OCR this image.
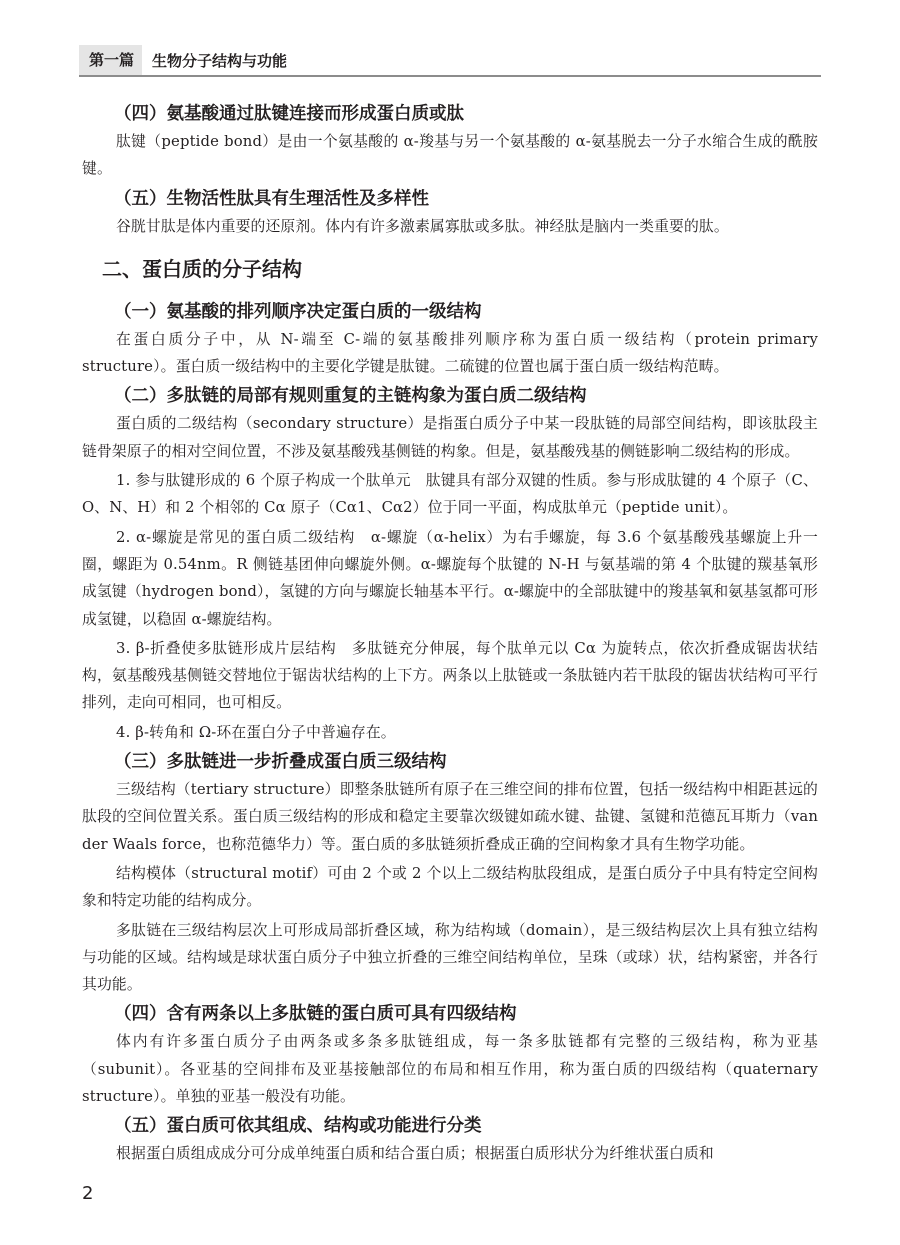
第一篇	生物分子结构与功能
（四）氨基酸通过肽键连接而形成蛋白质或肽
肽键（peptide bond）是由一个氨基酸的 α-羧基与另一个氨基酸的 α-氨基脱去一分子水缩合生成的酰胺键。
（五）生物活性肽具有生理活性及多样性
谷胱甘肽是体内重要的还原剂。体内有许多激素属寡肽或多肽。神经肽是脑内一类重要的肽。
二、蛋白质的分子结构
（一）氨基酸的排列顺序决定蛋白质的一级结构
在蛋白质分子中，从 N-端至 C-端的氨基酸排列顺序称为蛋白质一级结构（protein primary structure）。蛋白质一级结构中的主要化学键是肽键。二硫键的位置也属于蛋白质一级结构范畴。
（二）多肽链的局部有规则重复的主链构象为蛋白质二级结构
蛋白质的二级结构（secondary structure）是指蛋白质分子中某一段肽链的局部空间结构，即该肽段主链骨架原子的相对空间位置，不涉及氨基酸残基侧链的构象。但是，氨基酸残基的侧链影响二级结构的形成。
1. 参与肽键形成的 6 个原子构成一个肽单元　肽键具有部分双键的性质。参与形成肽键的 4 个原子（C、O、N、H）和 2 个相邻的 Cα 原子（Cα1、Cα2）位于同一平面，构成肽单元（peptide unit）。
2. α-螺旋是常见的蛋白质二级结构　α-螺旋（α-helix）为右手螺旋，每 3.6 个氨基酸残基螺旋上升一圈，螺距为 0.54nm。R 侧链基团伸向螺旋外侧。α-螺旋每个肽键的 N-H 与氨基端的第 4 个肽键的羰基氧形成氢键（hydrogen bond），氢键的方向与螺旋长轴基本平行。α-螺旋中的全部肽键中的羧基氧和氨基氢都可形成氢键，以稳固 α-螺旋结构。
3. β-折叠使多肽链形成片层结构　多肽链充分伸展，每个肽单元以 Cα 为旋转点，依次折叠成锯齿状结构，氨基酸残基侧链交替地位于锯齿状结构的上下方。两条以上肽链或一条肽链内若干肽段的锯齿状结构可平行排列，走向可相同，也可相反。
4. β-转角和 Ω-环在蛋白分子中普遍存在。
（三）多肽链进一步折叠成蛋白质三级结构
三级结构（tertiary structure）即整条肽链所有原子在三维空间的排布位置，包括一级结构中相距甚远的肽段的空间位置关系。蛋白质三级结构的形成和稳定主要靠次级键如疏水键、盐键、氢键和范德瓦耳斯力（van der Waals force，也称范德华力）等。蛋白质的多肽链须折叠成正确的空间构象才具有生物学功能。
结构模体（structural motif）可由 2 个或 2 个以上二级结构肽段组成，是蛋白质分子中具有特定空间构象和特定功能的结构成分。
多肽链在三级结构层次上可形成局部折叠区域，称为结构域（domain），是三级结构层次上具有独立结构与功能的区域。结构域是球状蛋白质分子中独立折叠的三维空间结构单位，呈珠（或球）状，结构紧密，并各行其功能。
（四）含有两条以上多肽链的蛋白质可具有四级结构
体内有许多蛋白质分子由两条或多条多肽链组成，每一条多肽链都有完整的三级结构，称为亚基（subunit）。各亚基的空间排布及亚基接触部位的布局和相互作用，称为蛋白质的四级结构（quaternary structure）。单独的亚基一般没有功能。
（五）蛋白质可依其组成、结构或功能进行分类
根据蛋白质组成成分可分成单纯蛋白质和结合蛋白质；根据蛋白质形状分为纤维状蛋白质和
2
